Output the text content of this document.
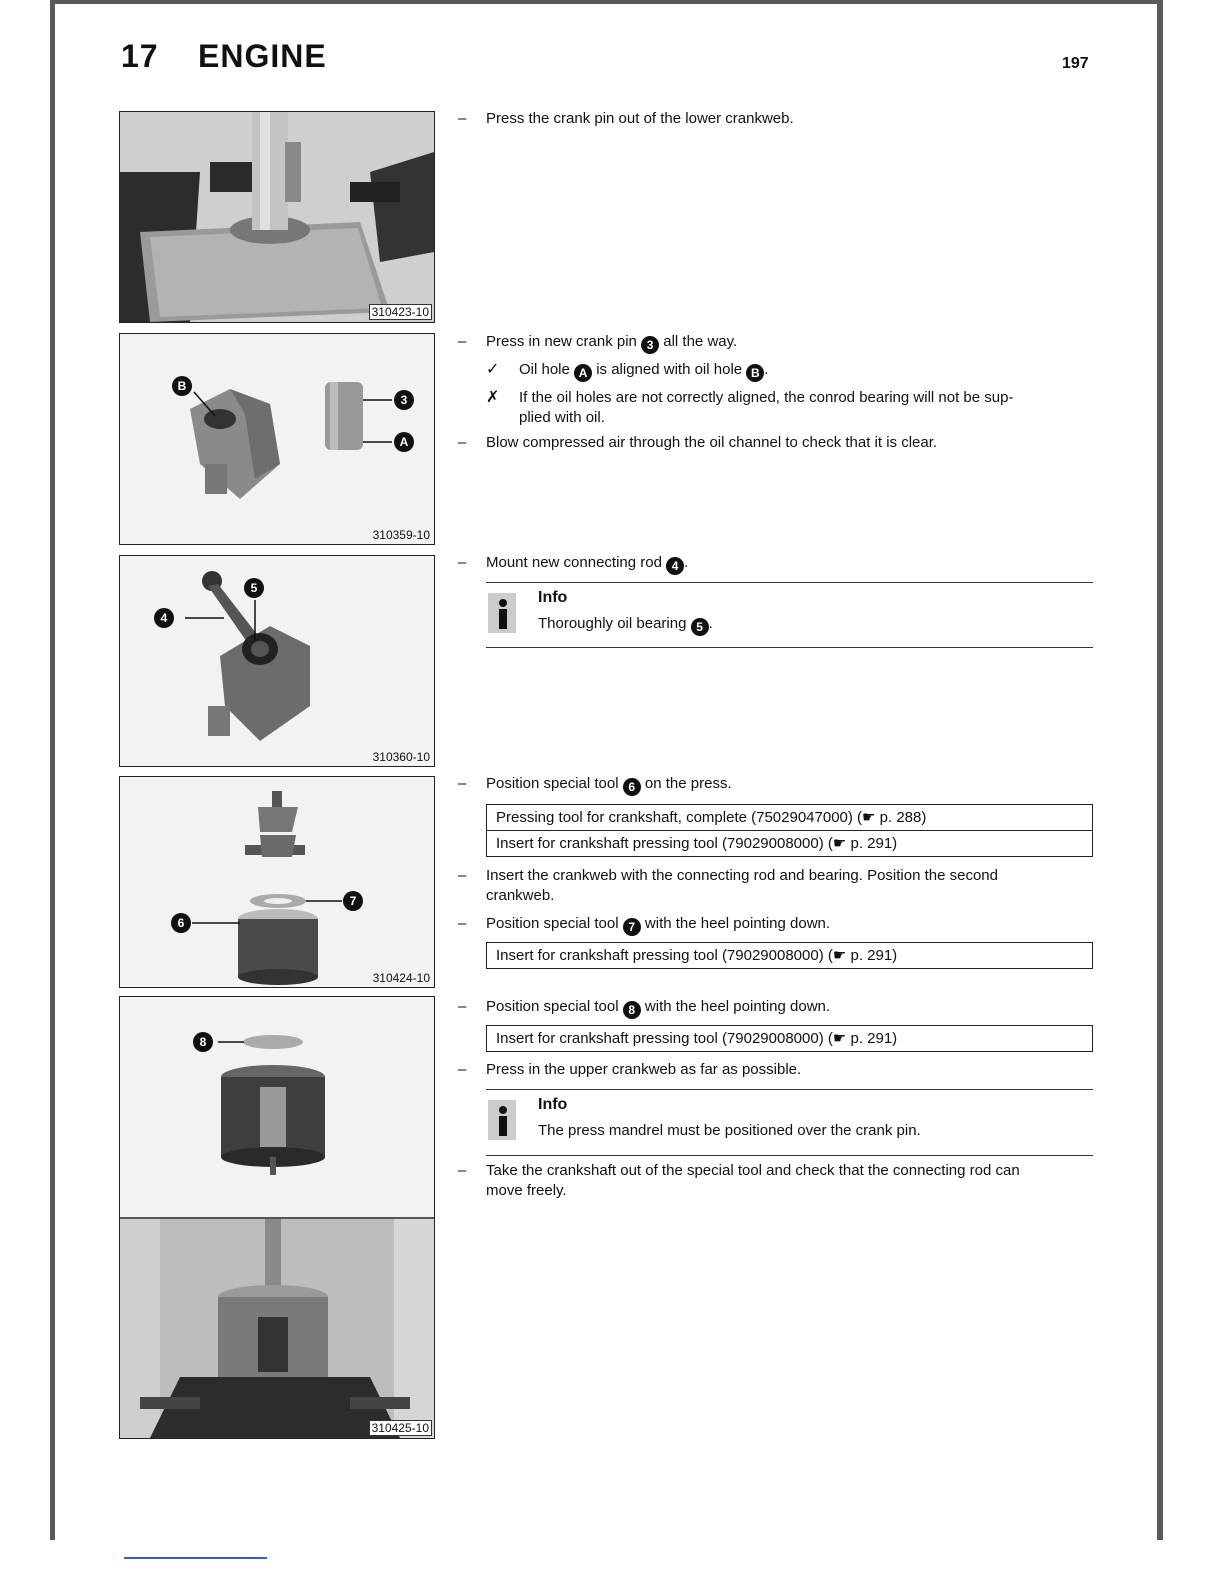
17 ENGINE	197
310423-10
B
3
A
310359-10
5
4
310360-10
7
6
310424-10
8
310425-10
– Press the crank pin out of the lower crankweb.
– Press in new crank pin 3 all the way.
✓ Oil hole A is aligned with oil hole B .
✗ If the oil holes are not correctly aligned, the conrod bearing will not be sup-
plied with oil.
– Blow compressed air through the oil channel to check that it is clear.
– Mount new connecting rod 4 .
Info
Thoroughly oil bearing 5 .
– Position special tool 6 on the press.
Pressing tool for crankshaft, complete (75029047000) (☛ p. 288)
Insert for crankshaft pressing tool (79029008000) (☛ p. 291)
– Insert the crankweb with the connecting rod and bearing. Position the second
crankweb.
– Position special tool 7 with the heel pointing down.
Insert for crankshaft pressing tool (79029008000) (☛ p. 291)
– Position special tool 8 with the heel pointing down.
Insert for crankshaft pressing tool (79029008000) (☛ p. 291)
– Press in the upper crankweb as far as possible.
Info
The press mandrel must be positioned over the crank pin.
– Take the crankshaft out of the special tool and check that the connecting rod can
move freely.
